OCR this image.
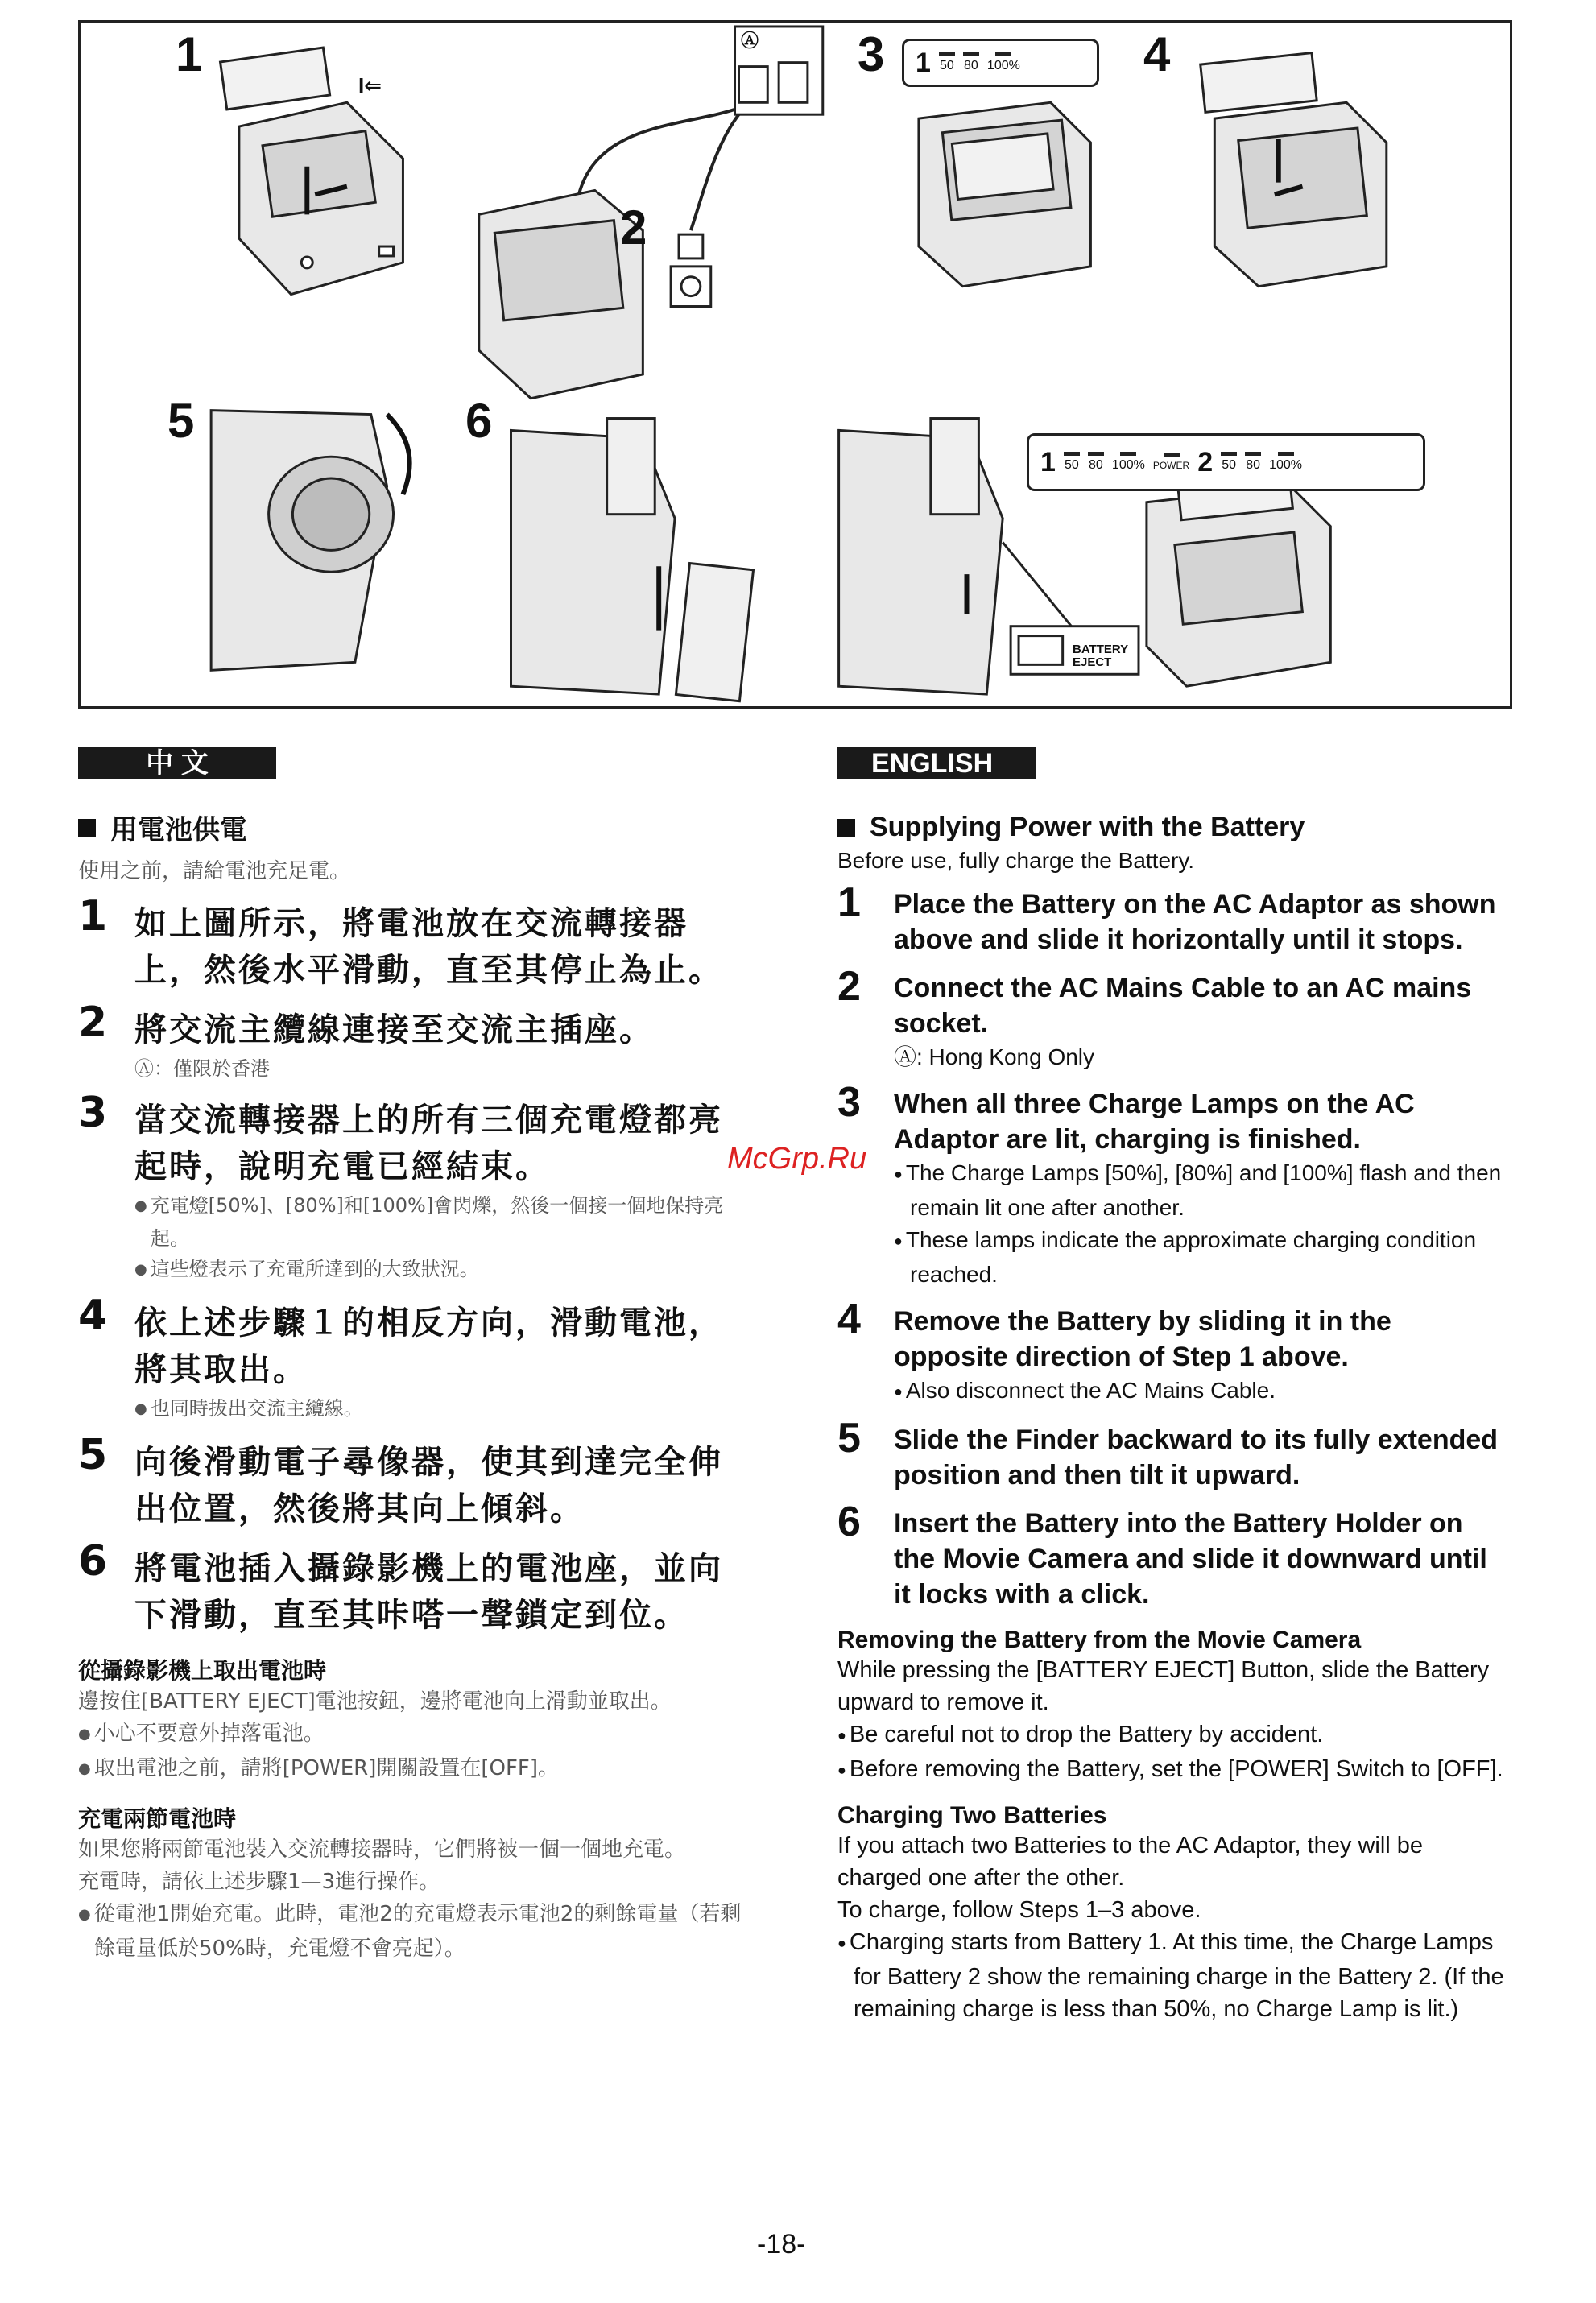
1
2
3	4
5	6
I⇐
Ⓐ
1 50 80 100%
1 50 80 100% POWER 2 50 80 100%
BATTERY EJECT
中 文	ENGLISH
用電池供電
使用之前，請給電池充足電。
1 如上圖所示，將電池放在交流轉接器上，然後水平滑動，直至其停止為止。
2 將交流主纜線連接至交流主插座。
Ⓐ：僅限於香港
3 當交流轉接器上的所有三個充電燈都亮起時，說明充電已經結束。
● 充電燈[50%]、[80%]和[100%]會閃爍，然後一個接一個地保持亮起。
● 這些燈表示了充電所達到的大致狀況。
4 依上述步驟１的相反方向，滑動電池，將其取出。
● 也同時拔出交流主纜線。
5 向後滑動電子尋像器，使其到達完全伸出位置，然後將其向上傾斜。
6 將電池插入攝錄影機上的電池座，並向下滑動，直至其咔嗒一聲鎖定到位。
從攝錄影機上取出電池時
邊按住[BATTERY EJECT]電池按鈕，邊將電池向上滑動並取出。
● 小心不要意外掉落電池。
● 取出電池之前，請將[POWER]開關設置在[OFF]。
充電兩節電池時
如果您將兩節電池裝入交流轉接器時，它們將被一個一個地充電。
充電時，請依上述步驟1—3進行操作。
● 從電池1開始充電。此時，電池2的充電燈表示電池2的剩餘電量（若剩餘電量低於50%時，充電燈不會亮起）。
Supplying Power with the Battery
Before use, fully charge the Battery.
1 Place the Battery on the AC Adaptor as shown above and slide it horizontally until it stops.
2 Connect the AC Mains Cable to an AC mains socket.
Ⓐ: Hong Kong Only
3 When all three Charge Lamps on the AC Adaptor are lit, charging is finished.
● The Charge Lamps [50%], [80%] and [100%] flash and then remain lit one after another.
● These lamps indicate the approximate charging condition reached.
4 Remove the Battery by sliding it in the opposite direction of Step 1 above.
● Also disconnect the AC Mains Cable.
5 Slide the Finder backward to its fully extended position and then tilt it upward.
6 Insert the Battery into the Battery Holder on the Movie Camera and slide it downward until it locks with a click.
Removing the Battery from the Movie Camera
While pressing the [BATTERY EJECT] Button, slide the Battery upward to remove it.
● Be careful not to drop the Battery by accident.
● Before removing the Battery, set the [POWER] Switch to [OFF].
Charging Two Batteries
If you attach two Batteries to the AC Adaptor, they will be charged one after the other.
To charge, follow Steps 1–3 above.
● Charging starts from Battery 1. At this time, the Charge Lamps for Battery 2 show the remaining charge in the Battery 2. (If the remaining charge is less than 50%, no Charge Lamp is lit.)
McGrp.Ru
-18-
